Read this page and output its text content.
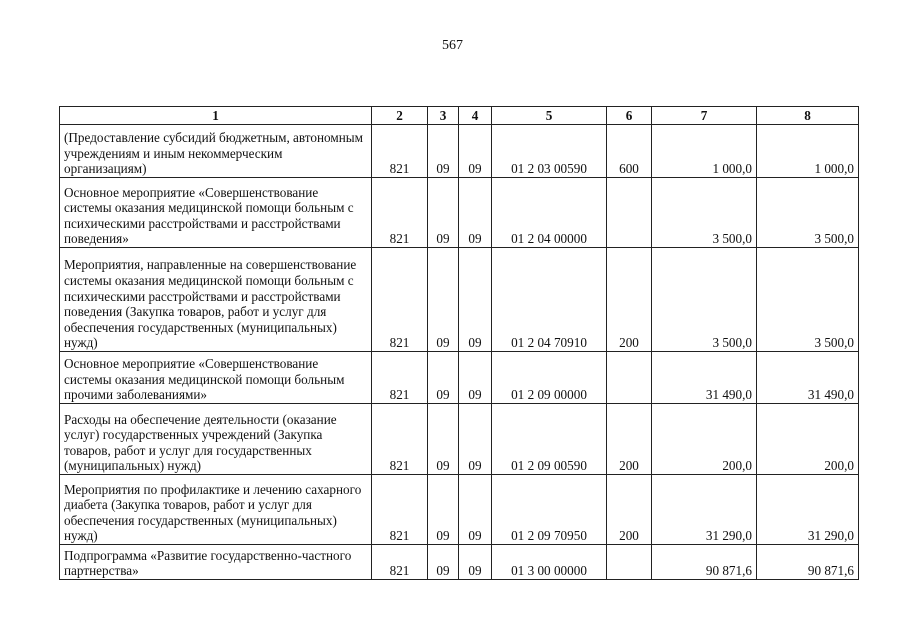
567
1	2	3	4	5	6	7	8
(Предоставление субсидий бюджетным, автономным учреждениям и иным некоммерческим организациям)	821	09	09	01 2 03 00590	600	1 000,0	1 000,0
Основное мероприятие «Совершенствование системы оказания медицинской помощи больным с психическими расстройствами и расстройствами поведения»	821	09	09	01 2 04 00000		3 500,0	3 500,0
Мероприятия, направленные на совершенствование системы оказания медицинской помощи больным с психическими расстройствами и расстройствами поведения (Закупка товаров, работ и услуг для обеспечения государственных (муниципальных) нужд)	821	09	09	01 2 04 70910	200	3 500,0	3 500,0
Основное мероприятие «Совершенствование системы оказания медицинской помощи больным прочими заболеваниями»	821	09	09	01 2 09 00000		31 490,0	31 490,0
Расходы на обеспечение деятельности (оказание услуг) государственных учреждений (Закупка товаров, работ и услуг для государственных (муниципальных) нужд)	821	09	09	01 2 09 00590	200	200,0	200,0
Мероприятия по профилактике и лечению сахарного диабета (Закупка товаров, работ и услуг для обеспечения государственных (муниципальных) нужд)	821	09	09	01 2 09 70950	200	31 290,0	31 290,0
Подпрограмма «Развитие государственно-частного партнерства»	821	09	09	01 3 00 00000		90 871,6	90 871,6
